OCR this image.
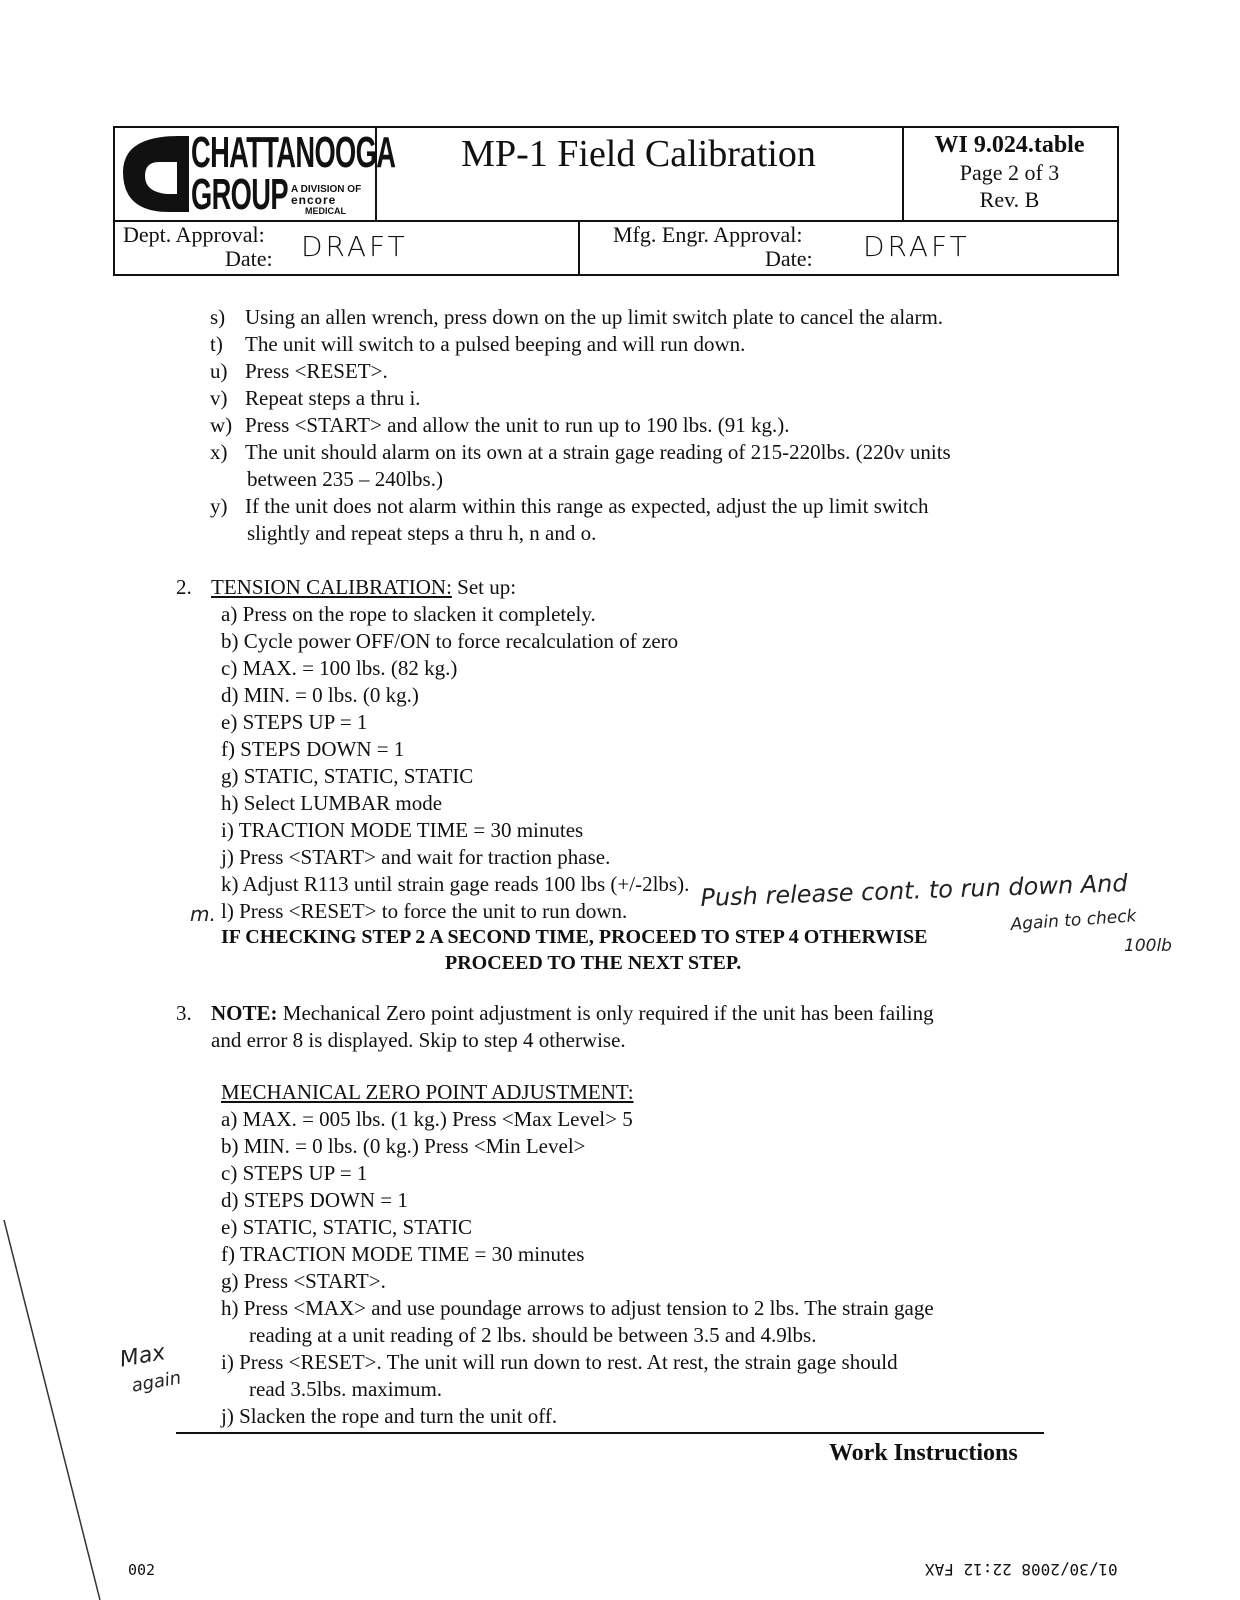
CHATTANOOGA
GROUP A DIVISION OF
encore
MEDICAL
MP-1 Field Calibration	WI 9.024.table
Page 2 of 3
Rev. B
Dept. Approval:
Date: DRAFT	Mfg. Engr. Approval:
Date: DRAFT
s) Using an allen wrench, press down on the up limit switch plate to cancel the alarm.
t) The unit will switch to a pulsed beeping and will run down.
u) Press <RESET>.
v) Repeat steps a thru i.
w) Press <START> and allow the unit to run up to 190 lbs. (91 kg.).
x) The unit should alarm on its own at a strain gage reading of 215-220lbs. (220v units
between 235 – 240lbs.)
y) If the unit does not alarm within this range as expected, adjust the up limit switch
slightly and repeat steps a thru h, n and o.
2. TENSION CALIBRATION: Set up:
a) Press on the rope to slacken it completely.
b) Cycle power OFF/ON to force recalculation of zero
c) MAX. = 100 lbs. (82 kg.)
d) MIN. = 0 lbs. (0 kg.)
e) STEPS UP = 1
f) STEPS DOWN = 1
g) STATIC, STATIC, STATIC
h) Select LUMBAR mode
i) TRACTION MODE TIME = 30 minutes
j) Press <START> and wait for traction phase.
k) Adjust R113 until strain gage reads 100 lbs (+/-2lbs).
l) Press <RESET> to force the unit to run down.
m.
Push release cont. to run down And
Again to check
100lb
IF CHECKING STEP 2 A SECOND TIME, PROCEED TO STEP 4 OTHERWISE
PROCEED TO THE NEXT STEP.
3. NOTE: Mechanical Zero point adjustment is only required if the unit has been failing
and error 8 is displayed. Skip to step 4 otherwise.
MECHANICAL ZERO POINT ADJUSTMENT:
a) MAX. = 005 lbs. (1 kg.) Press <Max Level> 5
b) MIN. = 0 lbs. (0 kg.) Press <Min Level>
c) STEPS UP = 1
d) STEPS DOWN = 1
e) STATIC, STATIC, STATIC
f) TRACTION MODE TIME = 30 minutes
g) Press <START>.
h) Press <MAX> and use poundage arrows to adjust tension to 2 lbs. The strain gage
reading at a unit reading of 2 lbs. should be between 3.5 and 4.9lbs.
i) Press <RESET>. The unit will run down to rest. At rest, the strain gage should
read 3.5lbs. maximum.
j) Slacken the rope and turn the unit off.
Max
again
Work Instructions
01/30/2008 22:12 FAX
002
